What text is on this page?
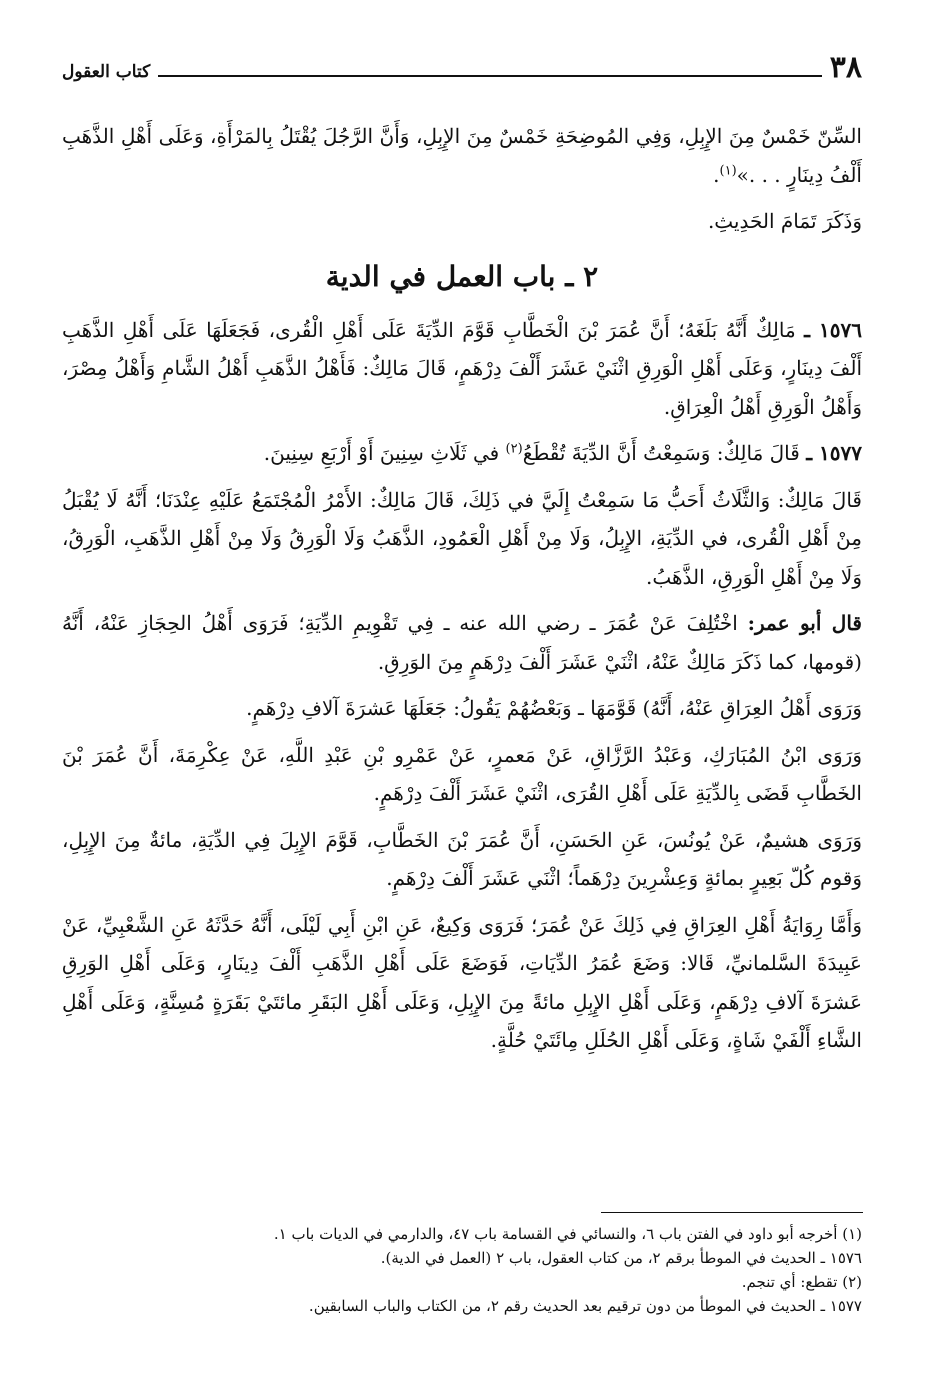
٣٨
كتاب العقول

السِّنّ خَمْسٌ مِنَ الإِبِلِ، وَفِي المُوضِحَةِ خَمْسٌ مِنَ الإِبِلِ، وَأَنَّ الرَّجُلَ يُقْتَلُ بِالمَرْأَةِ، وَعَلَى أَهْلِ الذَّهَبِ أَلْفُ دِينَارٍ . . .»$^{(١)}$.

وَذَكَرَ تَمَامَ الحَدِيثِ.

٢ ـ باب العمل في الدية

١٥٧٦ ـ مَالِكٌ أَنَّهُ بَلَغَهُ؛ أَنَّ عُمَرَ بْنَ الْخَطَّابِ قَوَّمَ الدِّيَةَ عَلَى أَهْلِ الْقُرى، فَجَعَلَهَا عَلَى أَهْلِ الذَّهَبِ أَلْفَ دِينَارٍ، وَعَلَى أَهْلِ الْوَرِقِ اثْنَيْ عَشَرَ أَلْفَ دِرْهَمٍ، قَالَ مَالِكٌ: فَأَهْلُ الذَّهَبِ أَهْلُ الشَّامِ وَأَهْلُ مِصْرَ، وَأَهْلُ الْوَرِقِ أَهْلُ الْعِرَاقِ.

١٥٧٧ ـ قَالَ مَالِكٌ: وَسَمِعْتُ أَنَّ الدِّيَةَ تُقْطَعُ$^{(٢)}$ في ثَلَاثِ سِنِينَ أَوْ أَرْبَعِ سِنِينَ.

قَالَ مَالِكٌ: وَالثَّلَاثُ أَحَبُّ مَا سَمِعْتُ إِلَيَّ في ذَلِكَ، قَالَ مَالِكٌ: الأَمْرُ الْمُجْتَمَعُ عَلَيْهِ عِنْدَنَا؛ أَنَّهُ لَا يُقْبَلُ مِنْ أَهْلِ الْقُرى، في الدِّيَةِ، الإِبِلُ، وَلَا مِنْ أَهْلِ الْعَمُودِ، الذَّهَبُ وَلَا الْوَرِقُ وَلَا مِنْ أَهْلِ الذَّهَبِ، الْوَرِقُ، وَلَا مِنْ أَهْلِ الْوَرِقِ، الذَّهَبُ.

قال أبو عمر: اخْتُلِفَ عَنْ عُمَرَ ـ رضي الله عنه ـ فِي تَقْوِيمِ الدِّيَةِ؛ فَرَوَى أَهْلُ الحِجَازِ عَنْهُ، أَنَّهُ (قومها، كما ذَكَرَ مَالِكٌ عَنْهُ، اثْنَيْ عَشَرَ أَلْفَ دِرْهَمٍ مِنَ الوَرِقِ.

وَرَوَى أَهْلُ العِرَاقِ عَنْهُ، أَنَّهُ) قَوَّمَهَا ـ وَبَعْضُهُمْ يَقُولُ: جَعَلَهَا عَشرَةَ آلافِ دِرْهَمٍ.

وَرَوَى ابْنُ المُبَارَكِ، وَعَبْدُ الرَّزَّاقِ، عَنْ مَعمرٍ، عَنْ عَمْرِو بْنِ عَبْدِ اللَّهِ، عَنْ عِكْرِمَةَ، أَنَّ عُمَرَ بْنَ الخَطَّابِ قَضَى بِالدِّيَةِ عَلَى أَهْلِ القُرَى، اثْنَيْ عَشَرَ أَلْفَ دِرْهَمٍ.

وَرَوَى هشيمٌ، عَنْ يُونُسَ، عَنِ الحَسَنِ، أَنَّ عُمَرَ بْنَ الخَطَّابِ، قَوَّمَ الإِبِلَ فِي الدِّيَةِ، مائةٌ مِنَ الإِبِلِ، وَقوم كُلّ بَعِيرٍ بمائةٍ وَعِشْرِينَ دِرْهَماً؛ اثْنَي عَشَرَ أَلْفَ دِرْهَمٍ.

وَأَمَّا رِوَايَةُ أَهْلِ العِرَاقِ فِي ذَلِكَ عَنْ عُمَرَ؛ فَرَوَى وَكِيعٌ، عَنِ ابْنِ أَبِي لَيْلَى، أَنَّهُ حَدَّثَهُ عَنِ الشَّعْبِيِّ، عَنْ عَبِيدَةَ السَّلمانيِّ، قَالا: وَضَعَ عُمَرُ الدِّيَاتِ، فَوَضَعَ عَلَى أَهْلِ الذَّهَبِ أَلْفَ دِينَارٍ، وَعَلَى أَهْلِ الوَرِقِ عَشرَةَ آلافِ دِرْهَمٍ، وَعَلَى أَهْلِ الإِبِلِ مائةً مِنَ الإِبِلِ، وَعَلَى أَهْلِ البَقَرِ مائتَيْ بَقَرَةٍ مُسِنَّةٍ، وَعَلَى أَهْلِ الشَّاءِ أَلْفَيْ شَاةٍ، وَعَلَى أَهْلِ الحُلَلِ مِائَتَيْ حُلَّةٍ.

(١) أخرجه أبو داود في الفتن باب ٦، والنسائي في القسامة باب ٤٧، والدارمي في الديات باب ١.
١٥٧٦ ـ الحديث في الموطأ برقم ٢، من كتاب العقول، باب ٢ (العمل في الدية).
(٢) تقطع: أي تنجم.
١٥٧٧ ـ الحديث في الموطأ من دون ترقيم بعد الحديث رقم ٢، من الكتاب والباب السابقين.
